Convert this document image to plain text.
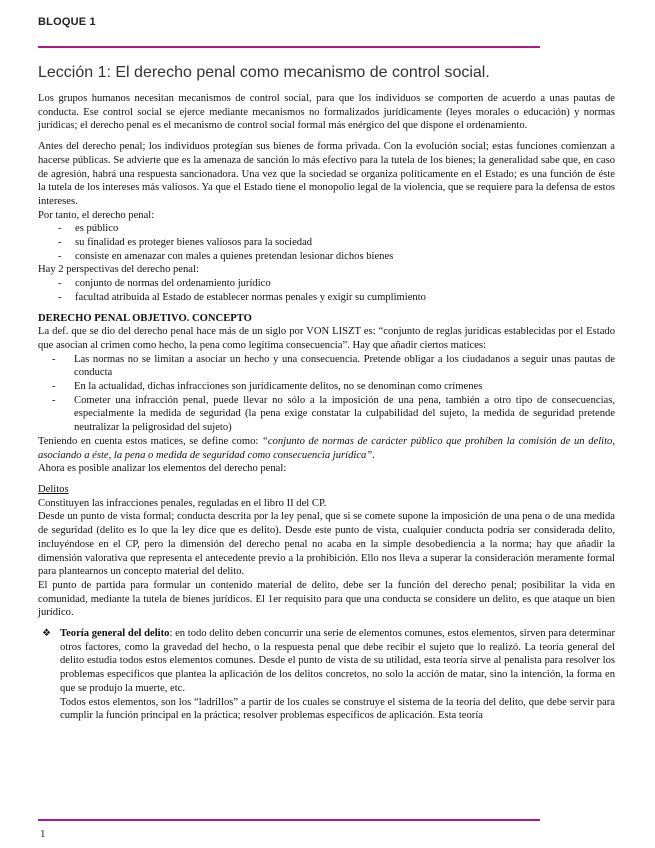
BLOQUE 1
Lección 1: El derecho penal como mecanismo de control social.

Los grupos humanos necesitan mecanismos de control social, para que los individuos se comporten de acuerdo a unas pautas de conducta. Ese control social se ejerce mediante mecanismos no formalizados jurídicamente (leyes morales o educación) y normas jurídicas; el derecho penal es el mecanismo de control social formal más enérgico del que dispone el ordenamiento.

Antes del derecho penal; los individuos protegían sus bienes de forma privada. Con la evolución social; estas funciones comienzan a hacerse públicas. Se advierte que es la amenaza de sanción lo más efectivo para la tutela de los bienes; la generalidad sabe que, en caso de agresión, habrá una respuesta sancionadora. Una vez que la sociedad se organiza políticamente en el Estado; es una función de éste la tutela de los intereses más valiosos. Ya que el Estado tiene el monopolio legal de la violencia, que se requiere para la defensa de estos intereses.

Por tanto, el derecho penal:

- es público
- su finalidad es proteger bienes valiosos para la sociedad
- consiste en amenazar con males a quienes pretendan lesionar dichos bienes

Hay 2 perspectivas del derecho penal:

- conjunto de normas del ordenamiento jurídico
- facultad atribuida al Estado de establecer normas penales y exigir su cumplimiento

DERECHO PENAL OBJETIVO. CONCEPTO

La def. que se dio del derecho penal hace más de un siglo por VON LISZT es: “conjunto de reglas jurídicas establecidas por el Estado que asocian al crimen como hecho, la pena como legítima consecuencia”. Hay que añadir ciertos matices:

- Las normas no se limitan a asociar un hecho y una consecuencia. Pretende obligar a los ciudadanos a seguir unas pautas de conducta
- En la actualidad, dichas infracciones son jurídicamente delitos, no se denominan como crímenes
- Cometer una infracción penal, puede llevar no sólo a la imposición de una pena, también a otro tipo de consecuencias, especialmente la medida de seguridad (la pena exige constatar la culpabilidad del sujeto, la medida de seguridad pretende neutralizar la peligrosidad del sujeto)

Teniendo en cuenta estos matices, se define como: “conjunto de normas de carácter público que prohíben la comisión de un delito, asociando a éste, la pena o medida de seguridad como consecuencia jurídica”.

Ahora es posible analizar los elementos del derecho penal:

Delitos

Constituyen las infracciones penales, reguladas en el libro II del CP.

Desde un punto de vista formal; conducta descrita por la ley penal, que si se comete supone la imposición de una pena o de una medida de seguridad (delito es lo que la ley dice que es delito). Desde este punto de vista, cualquier conducta podría ser considerada delito, incluyéndose en el CP, pero la dimensión del derecho penal no acaba en la simple desobediencia a la norma; hay que añadir la dimensión valorativa que representa el antecedente previo a la prohibición. Ello nos lleva a superar la consideración meramente formal para plantearnos un concepto material del delito.

El punto de partida para formular un contenido material de delito, debe ser la función del derecho penal; posibilitar la vida en comunidad, mediante la tutela de bienes jurídicos. El 1er requisito para que una conducta se considere un delito, es que ataque un bien jurídico.

❖ Teoría general del delito: en todo delito deben concurrir una serie de elementos comunes, estos elementos, sirven para determinar otros factores, como la gravedad del hecho, o la respuesta penal que debe recibir el sujeto que lo realizó. La teoría general del delito estudia todos estos elementos comunes. Desde el punto de vista de su utilidad, esta teoría sirve al penalista para resolver los problemas específicos que plantea la aplicación de los delitos concretos, no solo la acción de matar, sino la intención, la forma en que se produjo la muerte, etc.

Todos estos elementos, son los “ladrillos” a partir de los cuales se construye el sistema de la teoría del delito, que debe servir para cumplir la función principal en la práctica; resolver problemas específicos de aplicación. Esta teoría

1
